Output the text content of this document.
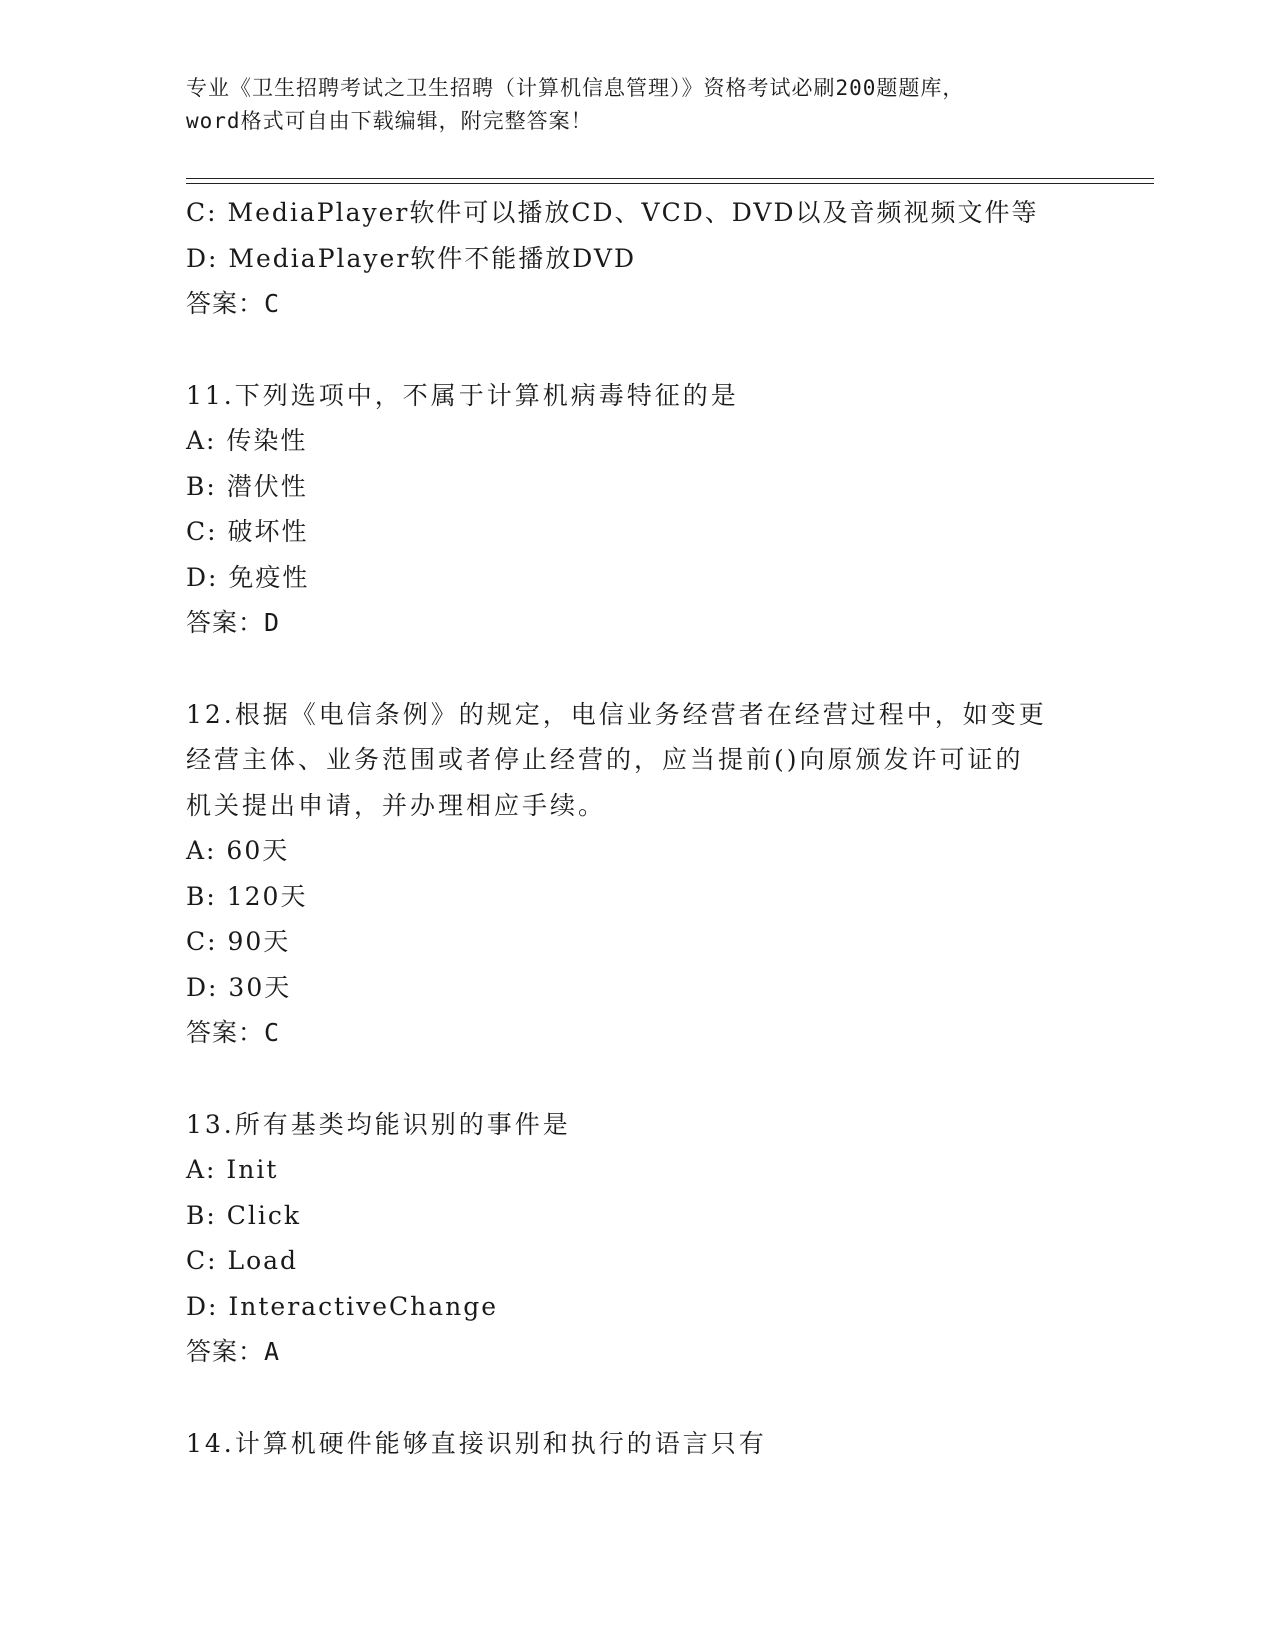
专业《卫生招聘考试之卫生招聘（计算机信息管理）》资格考试必刷200题题库，
word格式可自由下载编辑，附完整答案！
C: MediaPlayer软件可以播放CD、VCD、DVD以及音频视频文件等
D: MediaPlayer软件不能播放DVD
答案：C
11.下列选项中，不属于计算机病毒特征的是
A: 传染性
B: 潜伏性
C: 破坏性
D: 免疫性
答案：D
12.根据《电信条例》的规定，电信业务经营者在经营过程中，如变更
经营主体、业务范围或者停止经营的，应当提前()向原颁发许可证的
机关提出申请，并办理相应手续。
A: 60天
B: 120天
C: 90天
D: 30天
答案：C
13.所有基类均能识别的事件是
A: Init
B: Click
C: Load
D: InteractiveChange
答案：A
14.计算机硬件能够直接识别和执行的语言只有
